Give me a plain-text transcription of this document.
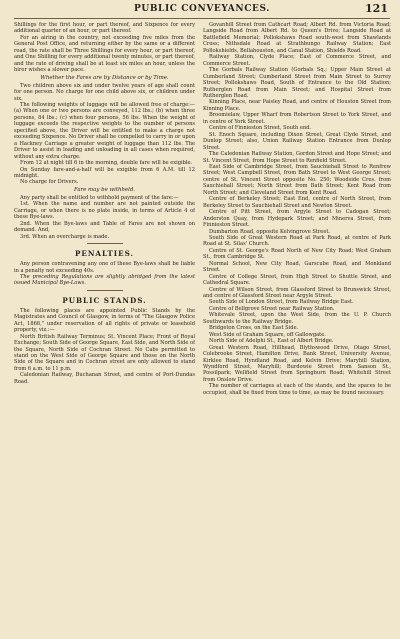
PUBLIC CONVEYANCES.	121

Shillings for the first hour, or part thereof, and Sixpence for every additional quarter of an hour, or part thereof.

For an airing in the country, not exceeding five miles from the General Post Office, and returning either by the same or a different road, the rate shall be Three Shillings for every hour, or part thereof, and One Shilling for every additional twenty minutes, or part thereof, and the rate of driving shall be at least six miles an hour, unless the hirer wishes a slower pace.

Whether the Fares are by Distance or by Time.

Two children above six and under twelve years of age shall count for one person. No charge for one child above six, or children under six.

The following weights of luggage will be allowed free of charge:—(a) When one or two persons are conveyed, 112 lbs.; (b) when three persons, 84 lbs.; (c) when four persons, 56 lbs. When the weight of luggage exceeds the respective weights to the number of persons specified above, the Driver will be entitled to make a charge not exceeding Sixpence. No Driver shall be compelled to carry in or upon a Hackney Carriage a greater weight of luggage than 112 lbs. The Driver to assist in loading and unloading in all cases when required, without any extra charge.

From 12 at night till 6 in the morning, double fare will be exigible.

On Sunday fare-and-a-half will be exigible from 6 A.M. till 12 midnight.

No charge for Drivers.

Fare may be withheld.

Any party shall be entitled to withhold payment of the fare:—

1st. When the name and number are not painted outside the Carriage, or when there is no plate inside, in terms of Article 4 of these Bye-laws.

2nd. When the Bye-laws and Table of Fares are not shown on demand. And,

3rd. When an overcharge is made.

PENALTIES.

Any person contravening any one of these Bye-laws shall be liable in a penalty not exceeding 40s.

The preceding Regulations are slightly abridged from the latest issued Municipal Bye-Laws.

PUBLIC STANDS.

The following places are appointed Public Stands by the Magistrates and Council of Glasgow, in terms of "The Glasgow Police Act, 1866," under reservation of all rights of private or leasehold property, viz.:—

North British Railway Terminus; St. Vincent Place; Front of Royal Exchange; South Side of George Square, East Side, and North Side of the Square, North Side of Cochran Street. No Cabs permitted to stand on the West Side of George Square and those on the North Side of the Square and in Cochran street are only allowed to stand from 6 a.m. to 11 p.m.

Caledonian Railway, Buchanan Street, and centre of Port-Dundas Road.

Govanhill Street from Cathcart Road; Albert Rd. from Victoria Road; Langside Road from Albert Rd. to Queen's Drive; Langside Road at Battlefield Memorial; Pollokshaws Road south-west from Shawlands Cross; Nithsdale Road at Strathbungo Railway Station; East Pollokshields, Bellahouston, and Canal Station, Shields Road.

Railway Station, Clyde Place; East of Commerce Street, and Commerce Street.

The Gorbals Railway Station (Gorbals Sq.; Upper Main Street at Cumberland Street; Cumberland Street from Main Street to Surrey Street; Pollokshaws Road, South of Entrance to the Old Station; Rutherglen Road from Main Street; and Hospital Street from Rutherglen Road.

Kinning Place, near Paisley Road, and centre of Houston Street from Kinning Place.

Broomielaw, Upper Wharf from Robertson Street to York Street, and in centre of York Street.

Centre of Finnieston Street, South end.

St. Enoch Square, including Dixon Street, Great Clyde Street, and Dunlop Street; also, Union Railway Station Entrance from Dunlop Street.

The Caledonian Railway Station, Gordon Street and Hope Street; and St. Vincent Street, from Hope Street to Renfield Street.

East Side of Cambridge Street, from Sauchiehall Street to Renfrew Street; West Campbell Street, from Bath Street to West George Street; centre of St. Vincent Street opposite No. 250; Woodside Cres. from Sauchiehall Street; North Street from Bath Street; Kent Road from North Street; and Cleveland Street from Kent Road.

Centre of Berkeley Street; East End, centre of North Street, from Berkeley Street to Sauchiehall Street and Newton Street.

Centre of Pitt Street, from Argyle Street to Cadogan Street; Anderston Quay, from Hydepark Street; and Minerva Street, from Finnieston Street.

Dumbarton Road, opposite Kelvingrove Street.

South Side of Great Western Road at Park Road, at centre of Park Road at St. Silas' Church.

Centre of St. George's Road North of New City Road; West Graham St., from Cambridge St.

Normal School, New City Road, Garscube Road, and Monkland Street.

Centre of College Street, from High Street to Shuttle Street, and Cathedral Square.

Centre of Wilson Street, from Glassford Street to Brunswick Street, and centre of Glassford Street near Argyle Street.

South Side of London Street, from Railway Bridge East.

Centre of Bellgrove Street near Railway Station.

Whitevale Street, upon the West Side, from the U. P. Church Southwards to the Railway Bridge.

Bridgeton Cross, on the East Side.

West Side of Graham Square, off Gallowgate.

North Side of Adelphi St., East of Albert Bridge.

Great Western Road, Hillhead, Blythswood Drive, Otago Street, Colebrooke Street, Hamilton Drive, Bank Street, University Avenue, Kirklee Road, Hyndland Road, and Kelvin Drive; Maryhill Station, Wyndford Street, Maryhill; Burdowie Street from Sanson St., Possilpark; Wellfield Street from Springburn Road; Whitehill Street from Onslow Drive.

The number of carriages at each of the stands, and the spaces to be occupied, shall be fixed from time to time, as may be found necessary.
